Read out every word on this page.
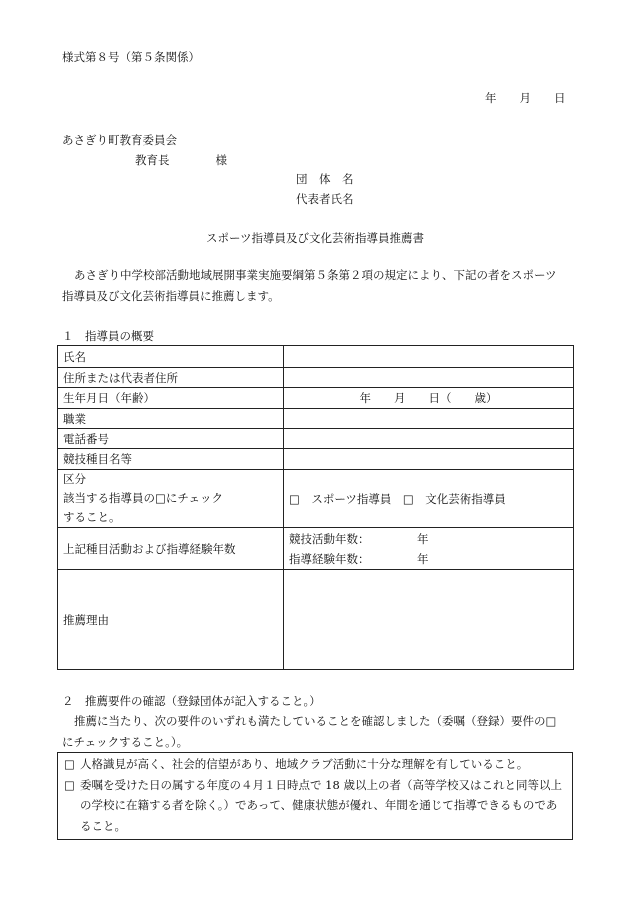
様式第８号（第５条関係）
年　　月　　日
あさぎり町教育委員会
教育長　　　　様
団　体　名
代表者氏名
スポーツ指導員及び文化芸術指導員推薦書
あさぎり中学校部活動地域展開事業実施要綱第５条第２項の規定により、下記の者をスポーツ
指導員及び文化芸術指導員に推薦します。
１　指導員の概要
氏名	
住所または代表者住所	
生年月日（年齢）	年　　月　　日（　　歳）
職業	
電話番号	
競技種目名等	
区分
該当する指導員の□にチェック
すること。	□　スポーツ指導員　□　文化芸術指導員
上記種目活動および指導経験年数	競技活動年数： 年
指導経験年数： 年

推薦理由	
２　推薦要件の確認（登録団体が記入すること。）
推薦に当たり、次の要件のいずれも満たしていることを確認しました（委嘱（登録）要件の□
にチェックすること。）。
□ 人格識見が高く、社会的信望があり、地域クラブ活動に十分な理解を有していること。
□ 委嘱を受けた日の属する年度の４月１日時点で 18 歳以上の者（高等学校又はこれと同等以上の学校に在籍する者を除く。）であって、健康状態が優れ、年間を通じて指導できるものであること。
